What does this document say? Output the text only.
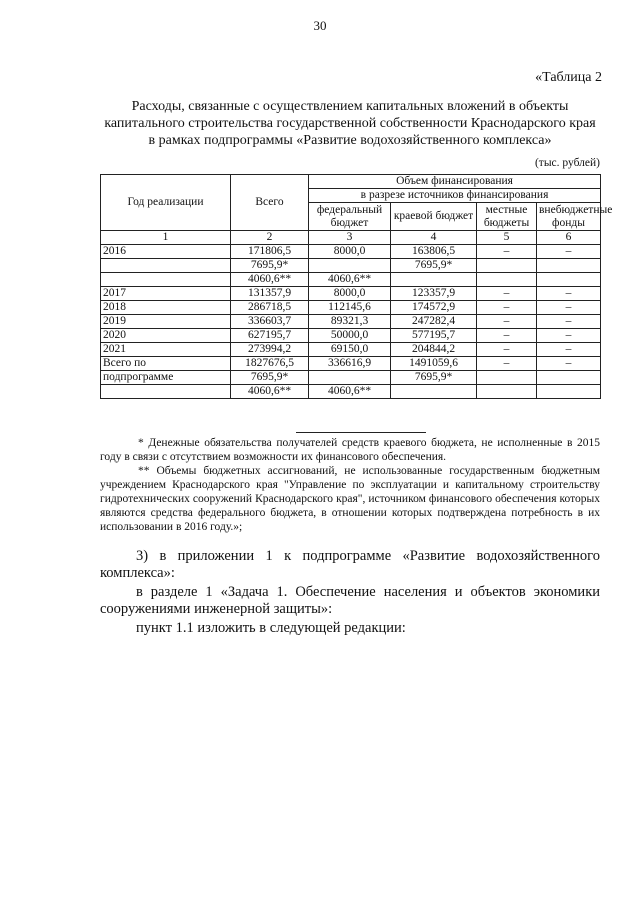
30
«Таблица 2
Расходы, связанные с осуществлением капитальных вложений в объекты капитального строительства государственной собственности Краснодарского края в рамках подпрограммы «Развитие водохозяйственного комплекса»
(тыс. рублей)
Год реализации	Всего	Объем финансирования			
		в разрезе источников финансирования			
		федеральный бюджет	краевой бюджет	местные бюджеты	внебюджетные фонды
1	2	3	4	5	6
2016	171806,5	8000,0	163806,5	–	–
	7695,9*		7695,9*		
	4060,6**	4060,6**			
2017	131357,9	8000,0	123357,9	–	–
2018	286718,5	112145,6	174572,9	–	–
2019	336603,7	89321,3	247282,4	–	–
2020	627195,7	50000,0	577195,7	–	–
2021	273994,2	69150,0	204844,2	–	–
Всего по	1827676,5	336616,9	1491059,6	–	–
подпрограмме	7695,9*		7695,9*		
	4060,6**	4060,6**			
* Денежные обязательства получателей средств краевого бюджета, не исполненные в 2015 году в связи с отсутствием возможности их финансового обеспечения.
** Объемы бюджетных ассигнований, не использованные государственным бюджетным учреждением Краснодарского края "Управление по эксплуатации и капитальному строительству гидротехнических сооружений Краснодарского края", источником финансового обеспечения которых являются средства федерального бюджета, в отношении которых подтверждена потребность в их использовании в 2016 году.»;
3) в приложении 1 к подпрограмме «Развитие водохозяйственного комплекса»:
в разделе 1 «Задача 1. Обеспечение населения и объектов экономики сооружениями инженерной защиты»:
пункт 1.1 изложить в следующей редакции:
